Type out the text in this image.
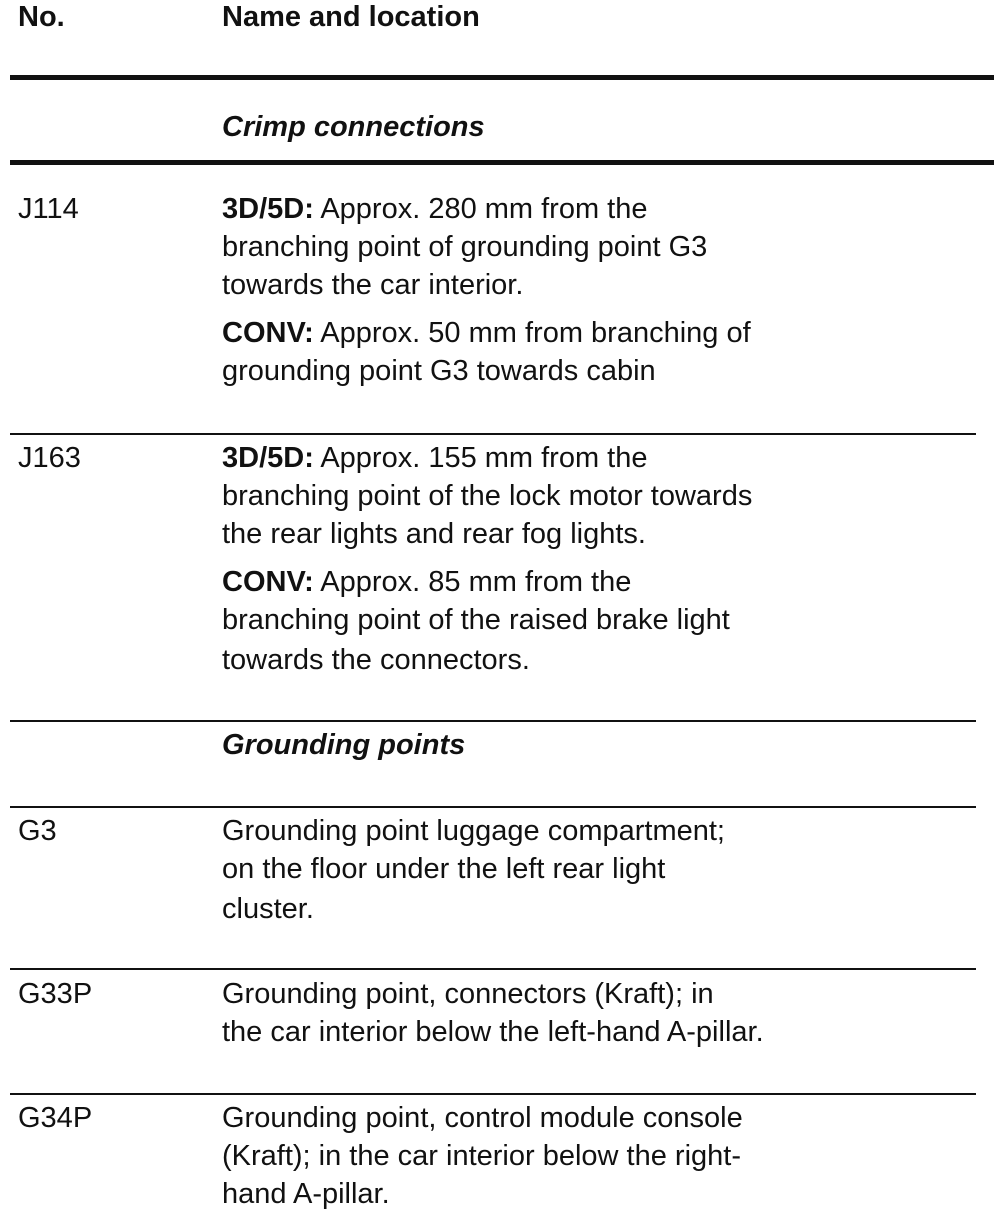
No.	Name and location
Crimp connections
J114	3D/5D: Approx. 280 mm from the
branching point of grounding point G3
towards the car interior.
CONV: Approx. 50 mm from branching of
grounding point G3 towards cabin
J163	3D/5D: Approx. 155 mm from the
branching point of the lock motor towards
the rear lights and rear fog lights.
CONV: Approx. 85 mm from the
branching point of the raised brake light
towards the connectors.
Grounding points
G3	Grounding point luggage compartment;
on the floor under the left rear light
cluster.
G33P	Grounding point, connectors (Kraft); in
the car interior below the left-hand A-pillar.
G34P	Grounding point, control module console
(Kraft); in the car interior below the right-
hand A-pillar.
